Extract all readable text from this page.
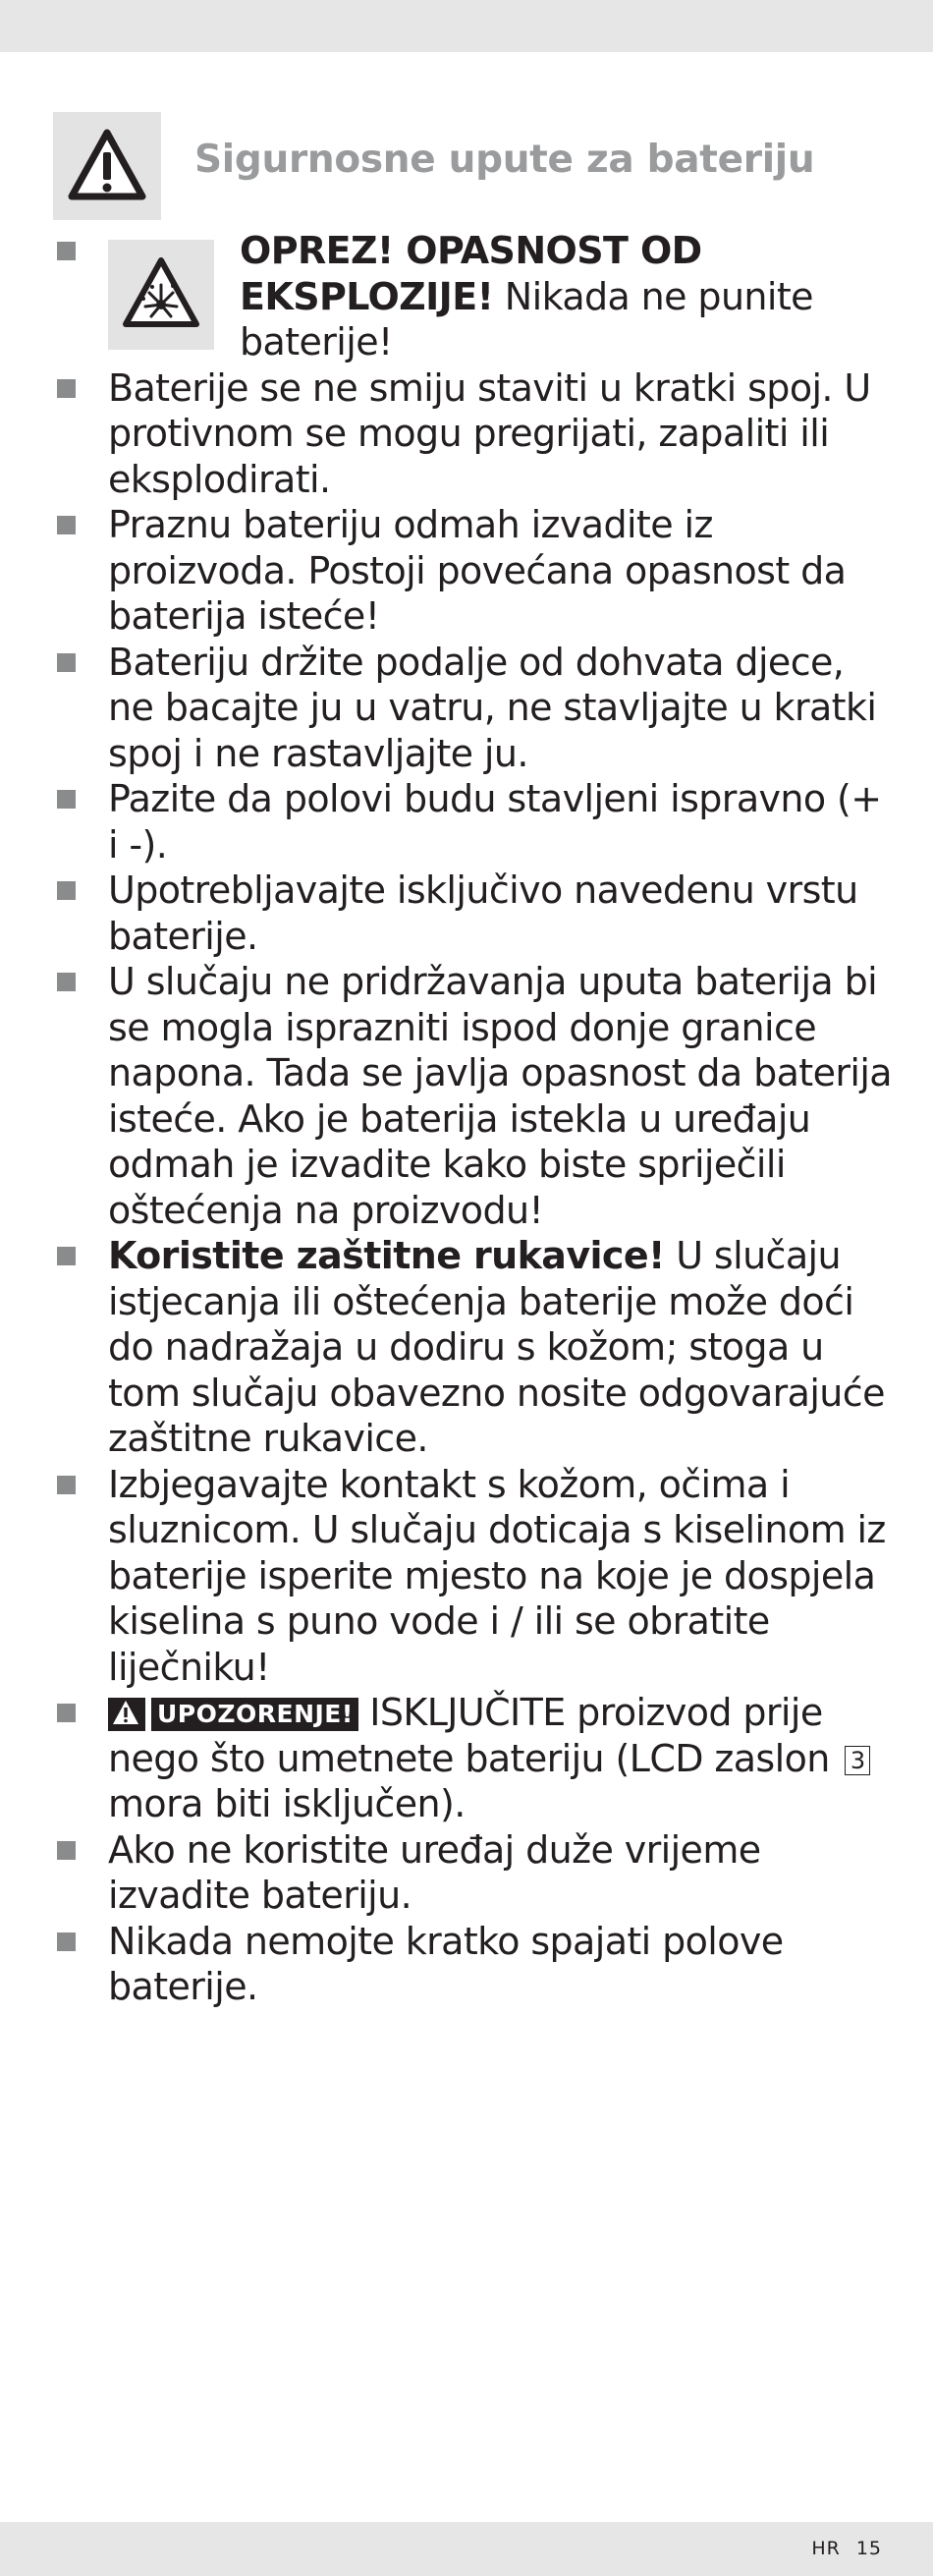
Sigurnosne upute za bateriju
OPREZ! OPASNOST OD EKSPLOZIJE! Nikada ne punite baterije!
Baterije se ne smiju staviti u kratki spoj. U protivnom se mogu pregrijati, zapaliti ili eksplodirati.
Praznu bateriju odmah izvadite iz proizvoda. Postoji povećana opasnost da baterija isteće!
Bateriju držite podalje od dohvata djece, ne bacajte ju u vatru, ne stavljajte u kratki spoj i ne rastavljajte ju.
Pazite da polovi budu stavljeni ispravno (+ i -).
Upotrebljavajte isključivo navedenu vrstu baterije.
U slučaju ne pridržavanja uputa baterija bi se mogla isprazniti ispod donje granice napona. Tada se javlja opasnost da baterija isteće. Ako je baterija istekla u uređaju odmah je izvadite kako biste spriječili oštećenja na proizvodu!
Koristite zaštitne rukavice! U slučaju istjecanja ili oštećenja baterije može doći do nadražaja u dodiru s kožom; stoga u tom slučaju obavezno nosite odgovarajuće zaštitne rukavice.
Izbjegavajte kontakt s kožom, očima i sluznicom. U slučaju doticaja s kiselinom iz baterije isperite mjesto na koje je dospjela kiselina s puno vode i / ili se obratite liječniku!
UPOZORENJE! ISKLJUČITE proizvod prije nego što umetnete bateriju (LCD zaslon 3 mora biti isključen).
Ako ne koristite uređaj duže vrijeme izvadite bateriju.
Nikada nemojte kratko spajati polove baterije.
HR 15
